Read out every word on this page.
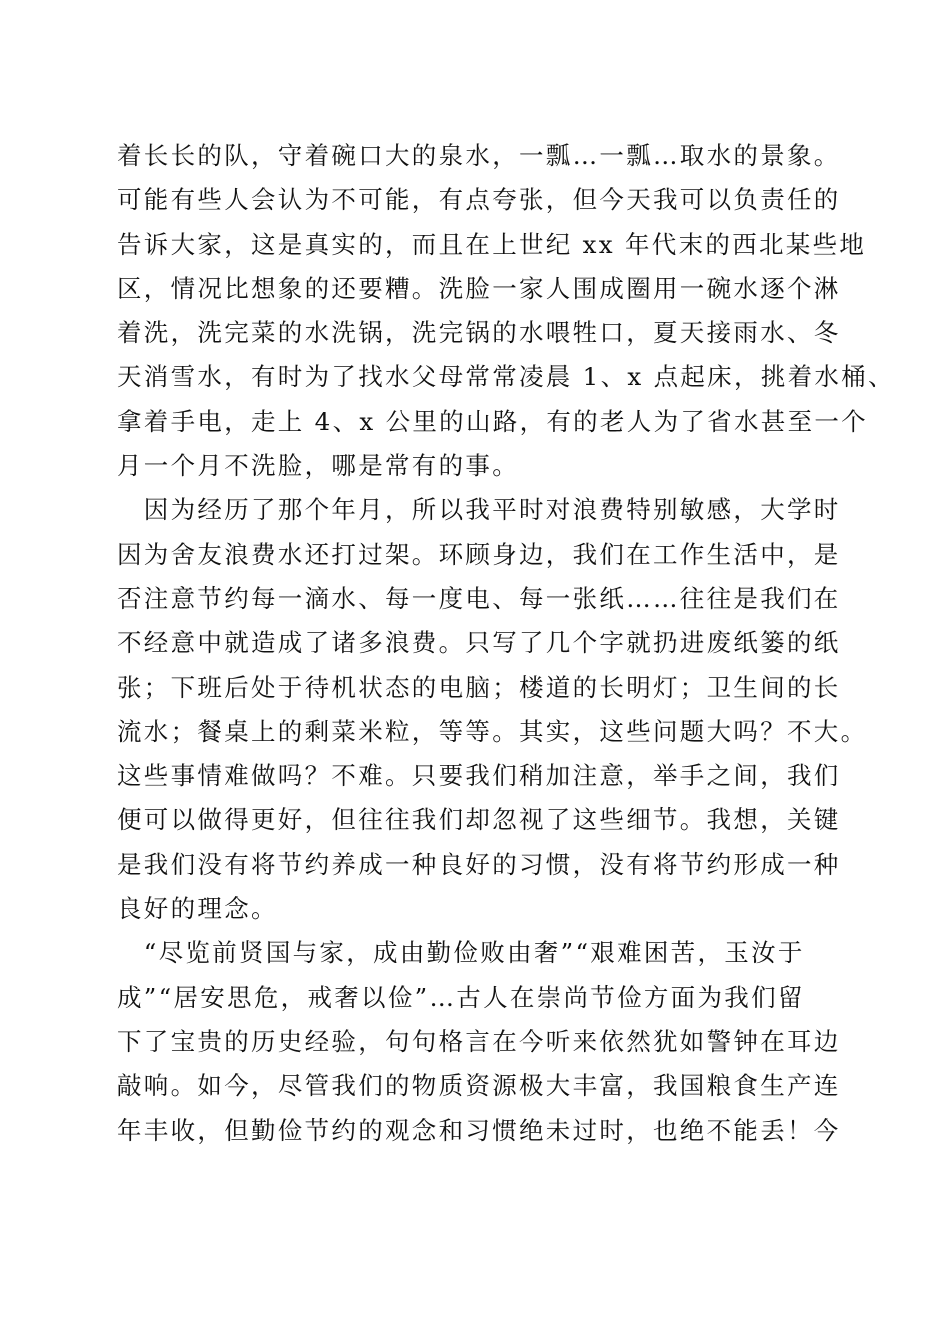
着长长的队，守着碗口大的泉水，一瓢…一瓢…取水的景象。
可能有些人会认为不可能，有点夸张，但今天我可以负责任的
告诉大家，这是真实的，而且在上世纪 xx 年代末的西北某些地
区，情况比想象的还要糟。洗脸一家人围成圈用一碗水逐个淋
着洗，洗完菜的水洗锅，洗完锅的水喂牲口，夏天接雨水、冬
天消雪水，有时为了找水父母常常凌晨 1、x 点起床，挑着水桶、
拿着手电，走上 4、x 公里的山路，有的老人为了省水甚至一个
月一个月不洗脸，哪是常有的事。
　因为经历了那个年月，所以我平时对浪费特别敏感，大学时
因为舍友浪费水还打过架。环顾身边，我们在工作生活中，是
否注意节约每一滴水、每一度电、每一张纸……往往是我们在
不经意中就造成了诸多浪费。只写了几个字就扔进废纸篓的纸
张；下班后处于待机状态的电脑；楼道的长明灯；卫生间的长
流水；餐桌上的剩菜米粒，等等。其实，这些问题大吗？不大。
这些事情难做吗？不难。只要我们稍加注意，举手之间，我们
便可以做得更好，但往往我们却忽视了这些细节。我想，关键
是我们没有将节约养成一种良好的习惯，没有将节约形成一种
良好的理念。
　“尽览前贤国与家，成由勤俭败由奢”“艰难困苦，玉汝于
成”“居安思危，戒奢以俭”…古人在崇尚节俭方面为我们留
下了宝贵的历史经验，句句格言在今听来依然犹如警钟在耳边
敲响。如今，尽管我们的物质资源极大丰富，我国粮食生产连
年丰收，但勤俭节约的观念和习惯绝未过时，也绝不能丢！今
